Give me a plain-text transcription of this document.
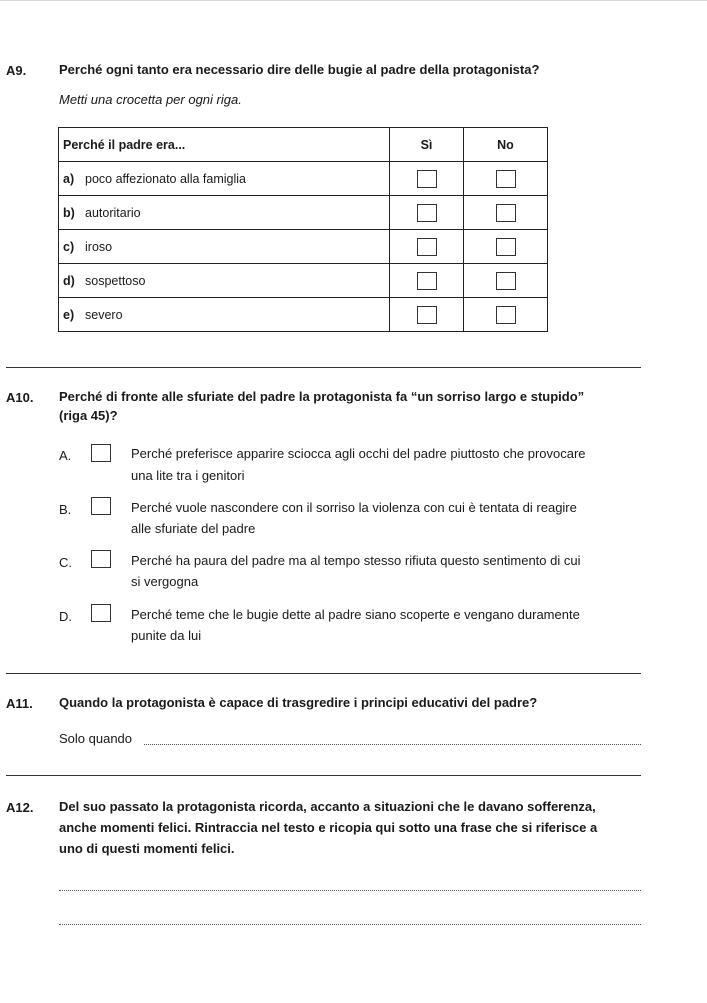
A9.	Perché ogni tanto era necessario dire delle bugie al padre della protagonista?
Metti una crocetta per ogni riga.
Perché il padre era...	Sì	No
a) poco affezionato alla famiglia		
b) autoritario		
c) iroso		
d) sospettoso		
e) severo		
A10. Perché di fronte alle sfuriate del padre la protagonista fa “un sorriso largo e stupido”
(riga 45)?
A.	Perché preferisce apparire sciocca agli occhi del padre piuttosto che provocare
una lite tra i genitori
B.	Perché vuole nascondere con il sorriso la violenza con cui è tentata di reagire
alle sfuriate del padre
C.	Perché ha paura del padre ma al tempo stesso rifiuta questo sentimento di cui
si vergogna
D.	Perché teme che le bugie dette al padre siano scoperte e vengano duramente
punite da lui
A11. Quando la protagonista è capace di trasgredire i principi educativi del padre?
Solo quando
A12. Del suo passato la protagonista ricorda, accanto a situazioni che le davano sofferenza,
anche momenti felici. Rintraccia nel testo e ricopia qui sotto una frase che si riferisce a
uno di questi momenti felici.
